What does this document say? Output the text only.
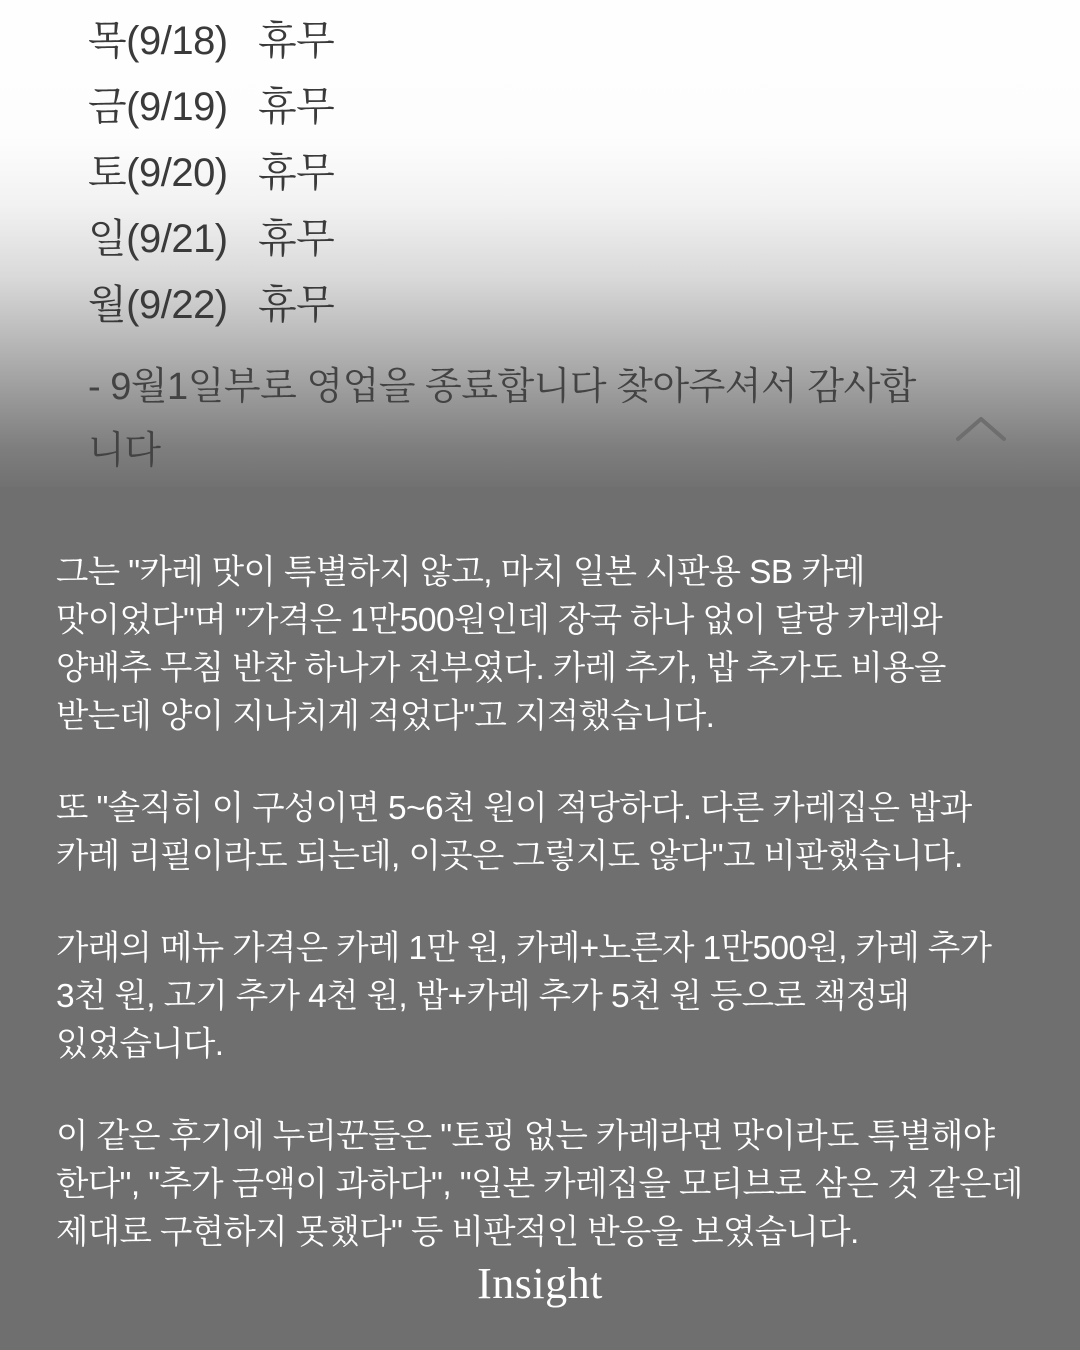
목(9/18) 휴무
금(9/19) 휴무
토(9/20) 휴무
일(9/21) 휴무
월(9/22) 휴무
- 9월1일부로 영업을 종료합니다 찾아주셔서 감사합니다

그는 "카레 맛이 특별하지 않고, 마치 일본 시판용 SB 카레 맛이었다"며 "가격은 1만500원인데 장국 하나 없이 달랑 카레와 양배추 무침 반찬 하나가 전부였다. 카레 추가, 밥 추가도 비용을 받는데 양이 지나치게 적었다"고 지적했습니다.

또 "솔직히 이 구성이면 5~6천 원이 적당하다. 다른 카레집은 밥과 카레 리필이라도 되는데, 이곳은 그렇지도 않다"고 비판했습니다.

가래의 메뉴 가격은 카레 1만 원, 카레+노른자 1만500원, 카레 추가 3천 원, 고기 추가 4천 원, 밥+카레 추가 5천 원 등으로 책정돼 있었습니다.

이 같은 후기에 누리꾼들은 "토핑 없는 카레라면 맛이라도 특별해야 한다", "추가 금액이 과하다", "일본 카레집을 모티브로 삼은 것 같은데 제대로 구현하지 못했다" 등 비판적인 반응을 보였습니다.

Insight
